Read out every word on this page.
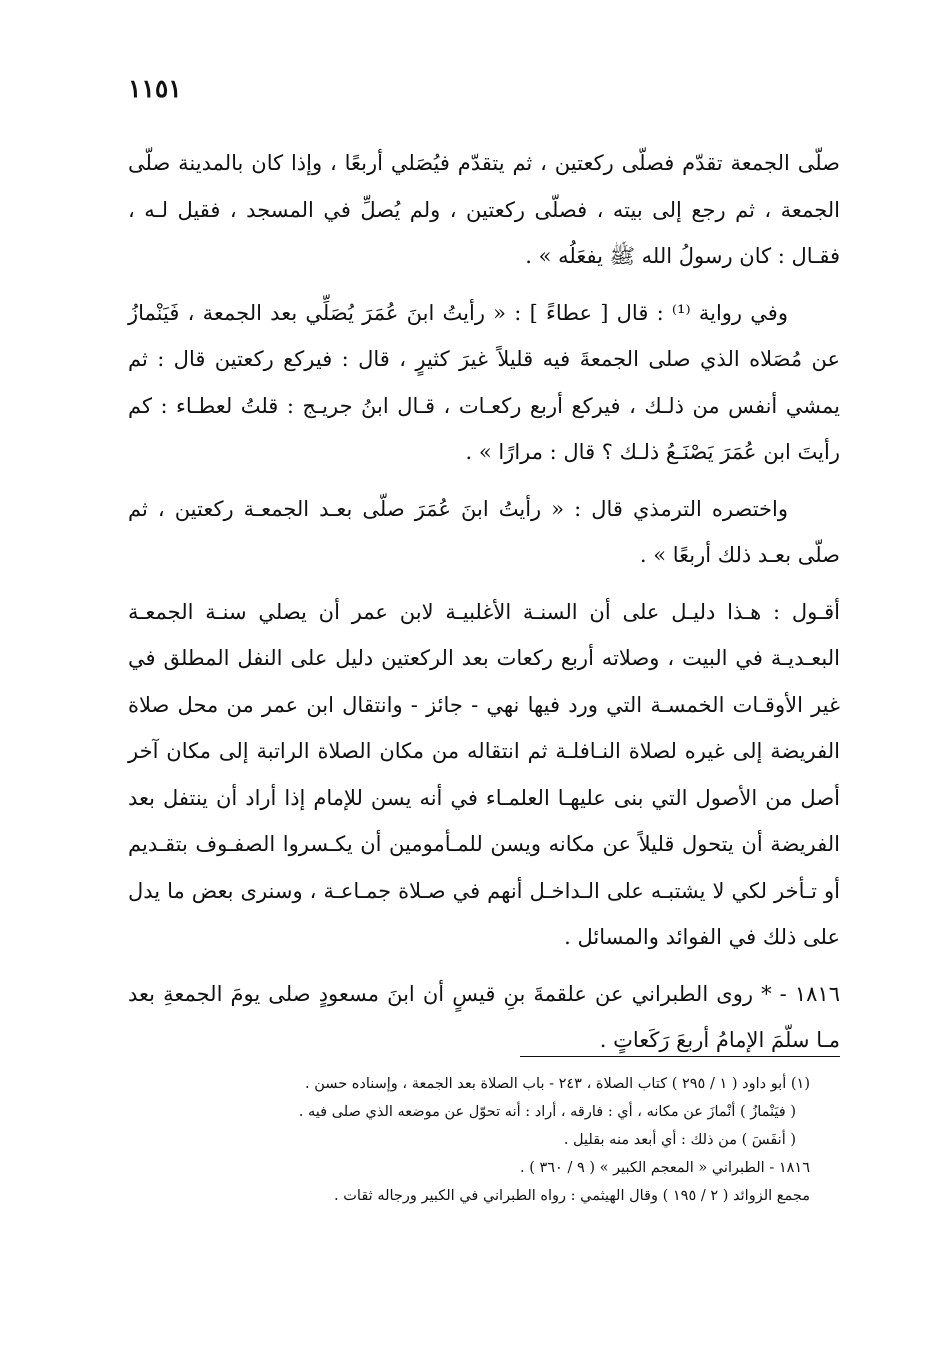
١١٥١

صلّى الجمعة تقدّم فصلّى ركعتين ، ثم يتقدّم فيُصَلي أربعًا ، وإذا كان بالمدينة صلّى الجمعة ، ثم رجع إلى بيته ، فصلّى ركعتين ، ولم يُصلِّ في المسجد ، فقيل لـه ، فقـال : كان رسولُ الله ﷺ يفعَلُه » .

وفي رواية ⁽¹⁾ : قال [ عطاءً ] : « رأيتُ ابنَ عُمَرَ يُصَلِّي بعد الجمعة ، فَيَنْمازُ عن مُصَلاه الذي صلى الجمعةَ فيه قليلاً غيرَ كثيرٍ ، قال : فيركع ركعتين قال : ثم يمشي أنفس من ذلـك ، فيركع أربع ركعـات ، قـال ابنُ جريـج : قلتُ لعطـاء : كم رأيتَ ابن عُمَرَ يَصْنَـعُ ذلـك ؟ قال : مرارًا » .

واختصره الترمذي قال : « رأيتُ ابنَ عُمَرَ صلّى بعـد الجمعـة ركعتين ، ثم صلّى بعـد ذلك أربعًا » .

أقـول : هـذا دليـل على أن السنـة الأغلبيـة لابن عمر أن يصلي سنـة الجمعـة البعـديـة في البيت ، وصلاته أربع ركعات بعد الركعتين دليل على النفل المطلق في غير الأوقـات الخمسـة التي ورد فيها نهي - جائز - وانتقال ابن عمر من محل صلاة الفريضة إلى غيره لصلاة النـافلـة ثم انتقاله من مكان الصلاة الراتبة إلى مكان آخر أصل من الأصول التي بنى عليهـا العلمـاء في أنه يسن للإمام إذا أراد أن ينتفل بعد الفريضة أن يتحول قليلاً عن مكانه ويسن للمـأمومين أن يكـسروا الصفـوف بتقـديم أو تـأخر لكي لا يشتبـه على الـداخـل أنهم في صـلاة جمـاعـة ، وسنرى بعض ما يدل على ذلك في الفوائد والمسائل .

١٨١٦ - * روى الطبراني عن علقمةَ بنِ قيسٍ أن ابنَ مسعودٍ صلى يومَ الجمعةِ بعد مـا سلّمَ الإمامُ أربعَ رَكَعاتٍ .

(١) أبو داود ( ١ / ٢٩٥ ) كتاب الصلاة ، ٢٤٣ - باب الصلاة بعد الجمعة ، وإسناده حسن .

( فيَنْمازُ ) أنْمازَ عن مكانه ، أي : فارقه ، أراد : أنه تحوّل عن موضعه الذي صلى فيه .

( أنفَسَ ) من ذلك : أي أبعد منه بقليل .

١٨١٦ - الطبراني « المعجم الكبير » ( ٩ / ٣٦٠ ) .

مجمع الزوائد ( ٢ / ١٩٥ ) وقال الهيثمي : رواه الطبراني في الكبير ورجاله ثقات .
